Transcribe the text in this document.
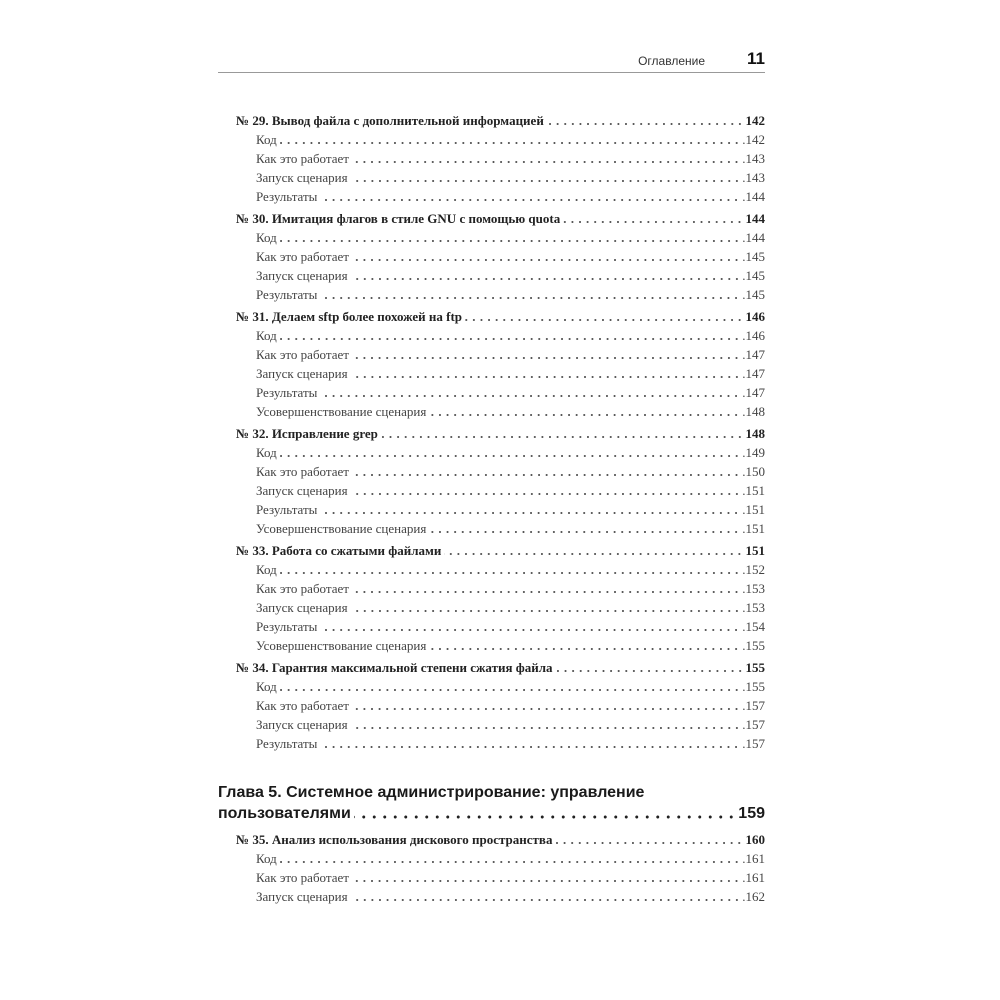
Оглавление 11
№ 29. Вывод файла с дополнительной информацией	142
Код	.142
Как это работает	.143
Запуск сценария	.143
Результаты	.144
№ 30. Имитация флагов в стиле GNU с помощью quota	144
Код	.144
Как это работает	.145
Запуск сценария	.145
Результаты	.145
№ 31. Делаем sftp более похожей на ftp	146
Код	.146
Как это работает	.147
Запуск сценария	.147
Результаты	.147
Усовершенствование сценария	.148
№ 32. Исправление grep	148
Код	.149
Как это работает	.150
Запуск сценария	.151
Результаты	.151
Усовершенствование сценария	.151
№ 33. Работа со сжатыми файлами	151
Код	.152
Как это работает	.153
Запуск сценария	.153
Результаты	.154
Усовершенствование сценария	.155
№ 34. Гарантия максимальной степени сжатия файла	155
Код	.155
Как это работает	.157
Запуск сценария	.157
Результаты	.157
Глава 5. Системное администрирование: управление
пользователями	159
№ 35. Анализ использования дискового пространства	160
Код	.161
Как это работает	.161
Запуск сценария	.162
